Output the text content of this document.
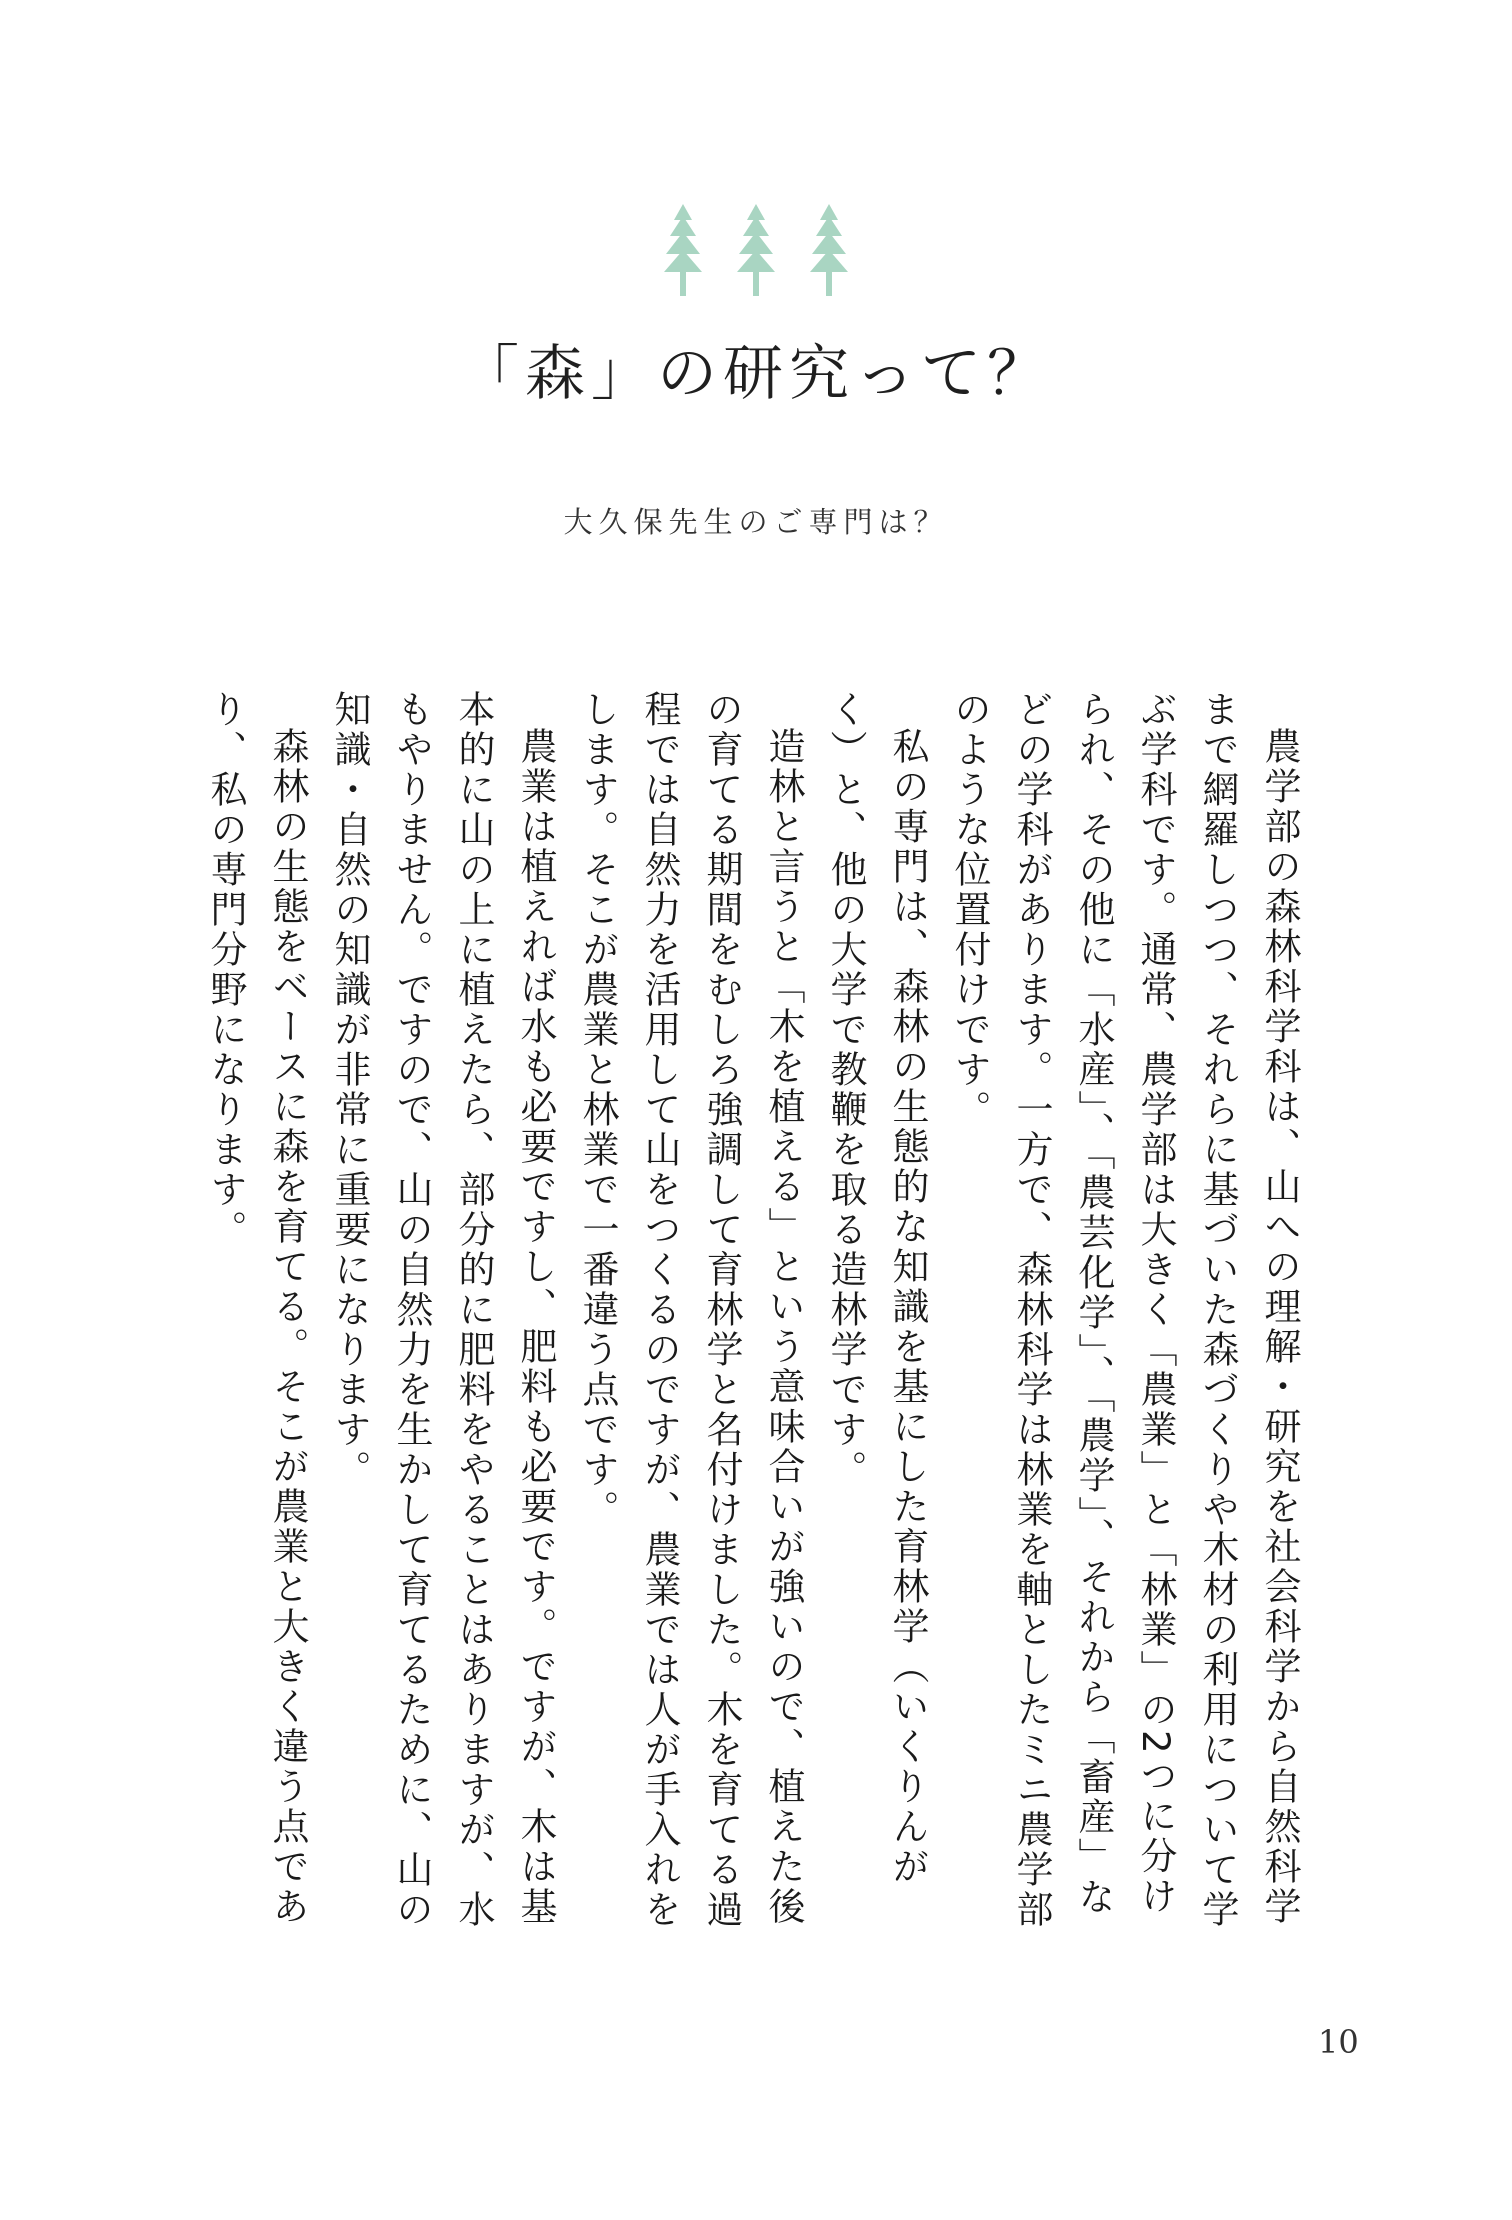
「森」の研究って？
大久保先生のご専門は？

農学部の森林科学科は、山への理解・研究を社会科学から自然科学まで網羅しつつ、それらに基づいた森づくりや木材の利用について学ぶ学科です。通常、農学部は大きく「農業」と「林業」の2つに分けられ、その他に「水産」、「農芸化学」、「農学」、それから「畜産」などの学科があります。一方で、森林科学は林業を軸としたミニ農学部のような位置付けです。

私の専門は、森林の生態的な知識を基にした育林学（いくりんがく）と、他の大学で教鞭を取る造林学です。

造林と言うと「木を植える」という意味合いが強いので、植えた後の育てる期間をむしろ強調して育林学と名付けました。木を育てる過程では自然力を活用して山をつくるのですが、農業では人が手入れをします。そこが農業と林業で一番違う点です。

農業は植えれば水も必要ですし、肥料も必要です。ですが、木は基本的に山の上に植えたら、部分的に肥料をやることはありますが、水もやりません。ですので、山の自然力を生かして育てるために、山の知識・自然の知識が非常に重要になります。

森林の生態をベースに森を育てる。そこが農業と大きく違う点であり、私の専門分野になります。

10
